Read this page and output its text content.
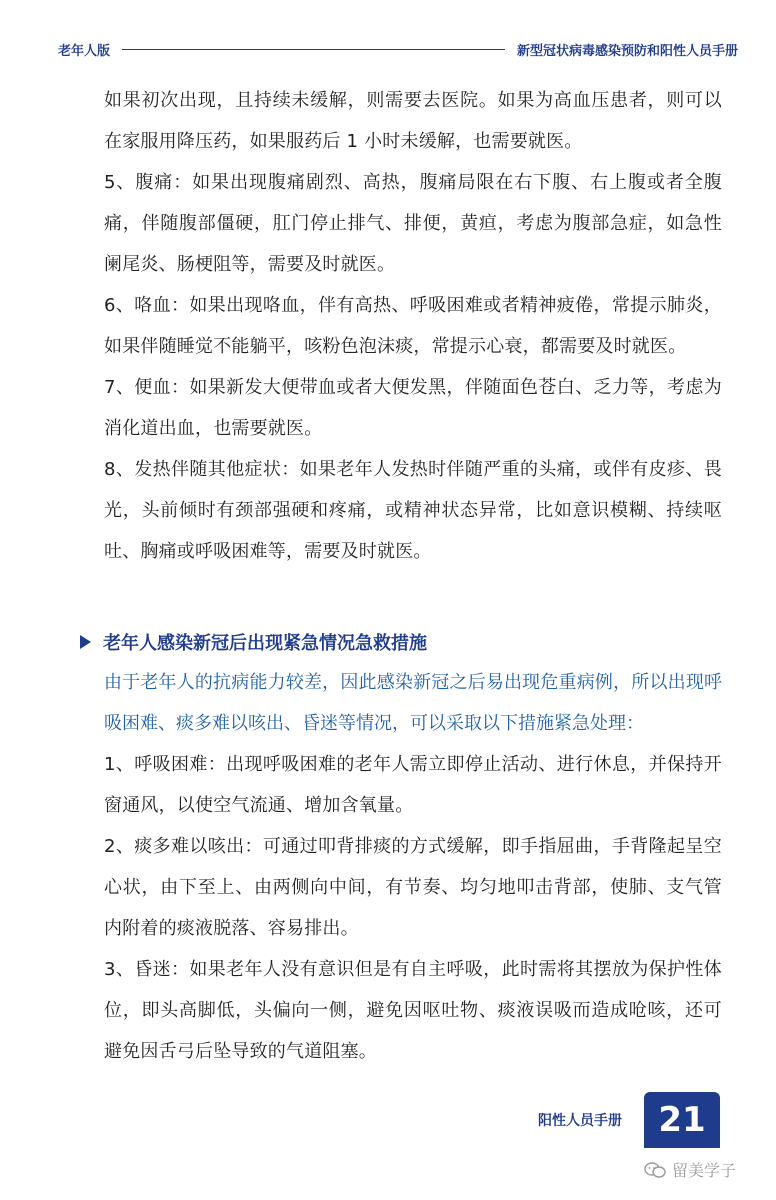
老年人版	新型冠状病毒感染预防和阳性人员手册

如果初次出现，且持续未缓解，则需要去医院。如果为高血压患者，则可以在家服用降压药，如果服药后 1 小时未缓解，也需要就医。

5、腹痛：如果出现腹痛剧烈、高热，腹痛局限在右下腹、右上腹或者全腹痛，伴随腹部僵硬，肛门停止排气、排便，黄疸，考虑为腹部急症，如急性阑尾炎、肠梗阻等，需要及时就医。

6、咯血：如果出现咯血，伴有高热、呼吸困难或者精神疲倦，常提示肺炎，如果伴随睡觉不能躺平，咳粉色泡沫痰，常提示心衰，都需要及时就医。

7、便血：如果新发大便带血或者大便发黑，伴随面色苍白、乏力等，考虑为消化道出血，也需要就医。

8、发热伴随其他症状：如果老年人发热时伴随严重的头痛，或伴有皮疹、畏光，头前倾时有颈部强硬和疼痛，或精神状态异常，比如意识模糊、持续呕吐、胸痛或呼吸困难等，需要及时就医。

老年人感染新冠后出现紧急情况急救措施

由于老年人的抗病能力较差，因此感染新冠之后易出现危重病例，所以出现呼吸困难、痰多难以咳出、昏迷等情况，可以采取以下措施紧急处理：

1、呼吸困难：出现呼吸困难的老年人需立即停止活动、进行休息，并保持开窗通风，以使空气流通、增加含氧量。

2、痰多难以咳出：可通过叩背排痰的方式缓解，即手指屈曲，手背隆起呈空心状，由下至上、由两侧向中间，有节奏、均匀地叩击背部，使肺、支气管内附着的痰液脱落、容易排出。

3、昏迷：如果老年人没有意识但是有自主呼吸，此时需将其摆放为保护性体位，即头高脚低，头偏向一侧，避免因呕吐物、痰液误吸而造成呛咳，还可避免因舌弓后坠导致的气道阻塞。

阳性人员手册	21
留美学子
